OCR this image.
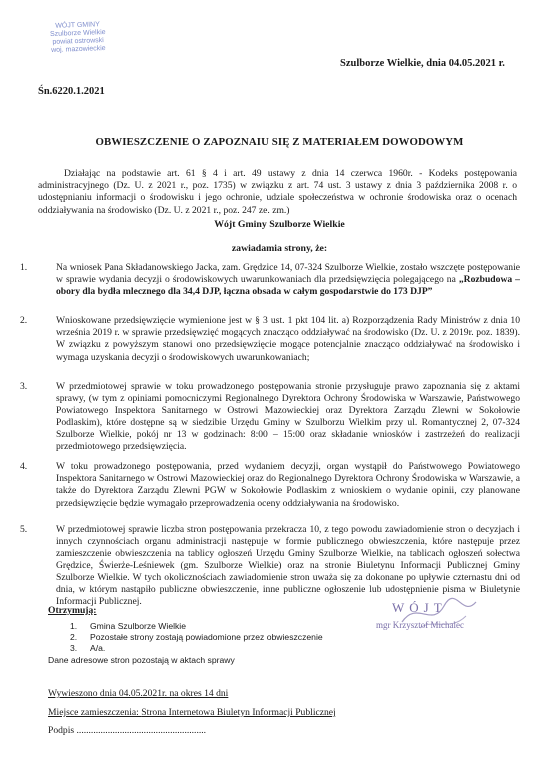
WÓJT GMINY
Szulborze Wielkie
powiat ostrowski
woj. mazowieckie
Szulborze Wielkie, dnia 04.05.2021 r.
Śn.6220.1.2021
OBWIESZCZENIE O ZAPOZNAIU SIĘ Z MATERIAŁEM DOWODOWYM
Działając na podstawie art. 61 § 4 i art. 49 ustawy z dnia 14 czerwca 1960r. - Kodeks postępowania administracyjnego (Dz. U. z 2021 r., poz. 1735) w związku z art. 74 ust. 3 ustawy z dnia 3 października 2008 r. o udostępnianiu informacji o środowisku i jego ochronie, udziale społeczeństwa w ochronie środowiska oraz o ocenach oddziaływania na środowisko (Dz. U. z 2021 r., poz. 247 ze. zm.)
Wójt Gminy Szulborze Wielkie
zawiadamia strony, że:
1.	Na wniosek Pana Składanowskiego Jacka, zam. Grędzice 14, 07-324 Szulborze Wielkie, zostało wszczęte postępowanie w sprawie wydania decyzji o środowiskowych uwarunkowaniach dla przedsięwzięcia polegającego na „Rozbudowa – obory dla bydła mlecznego dla 34,4 DJP, łączna obsada w całym gospodarstwie do 173 DJP”
2.	Wnioskowane przedsięwzięcie wymienione jest w § 3 ust. 1 pkt 104 lit. a) Rozporządzenia Rady Ministrów z dnia 10 września 2019 r. w sprawie przedsięwzięć mogących znacząco oddziaływać na środowisko (Dz. U. z 2019r. poz. 1839). W związku z powyższym stanowi ono przedsięwzięcie mogące potencjalnie znacząco oddziaływać na środowisko i wymaga uzyskania decyzji o środowiskowych uwarunkowaniach;
3.	W przedmiotowej sprawie w toku prowadzonego postępowania stronie przysługuje prawo zapoznania się z aktami sprawy, (w tym z opiniami pomocniczymi Regionalnego Dyrektora Ochrony Środowiska w Warszawie, Państwowego Powiatowego Inspektora Sanitarnego w Ostrowi Mazowieckiej oraz Dyrektora Zarządu Zlewni w Sokołowie Podlaskim), które dostępne są w siedzibie Urzędu Gminy w Szulborzu Wielkim przy ul. Romantycznej 2, 07-324 Szulborze Wielkie, pokój nr 13 w godzinach: 8:00 – 15:00 oraz składanie wniosków i zastrzeżeń do realizacji przedmiotowego przedsięwzięcia.
4.	W toku prowadzonego postępowania, przed wydaniem decyzji, organ wystąpił do Państwowego Powiatowego Inspektora Sanitarnego w Ostrowi Mazowieckiej oraz do Regionalnego Dyrektora Ochrony Środowiska w Warszawie, a także do Dyrektora Zarządu Zlewni PGW w Sokołowie Podlaskim z wnioskiem o wydanie opinii, czy planowane przedsięwzięcie będzie wymagało przeprowadzenia oceny oddziaływania na środowisko.
5.	W przedmiotowej sprawie liczba stron postępowania przekracza 10, z tego powodu zawiadomienie stron o decyzjach i innych czynnościach organu administracji następuje w formie publicznego obwieszczenia, które następuje przez zamieszczenie obwieszczenia na tablicy ogłoszeń Urzędu Gminy Szulborze Wielkie, na tablicach ogłoszeń sołectwa Grędzice, Świerże-Leśniewek (gm. Szulborze Wielkie) oraz na stronie Biuletynu Informacji Publicznej Gminy Szulborze Wielkie. W tych okolicznościach zawiadomienie stron uważa się za dokonane po upływie czternastu dni od dnia, w którym nastąpiło publiczne obwieszczenie, inne publiczne ogłoszenie lub udostępnienie pisma w Biuletynie Informacji Publicznej.
Otrzymują:
1. Gmina Szulborze Wielkie
2. Pozostałe strony zostają powiadomione przez obwieszczenie
3. A/a.
Dane adresowe stron pozostają w aktach sprawy
WÓJT
mgr Krzysztof Michalec
Wywieszono dnia 04.05.2021r. na okres 14 dni
Miejsce zamieszczenia: Strona Internetowa Biuletyn Informacji Publicznej
Podpis ......................................................
